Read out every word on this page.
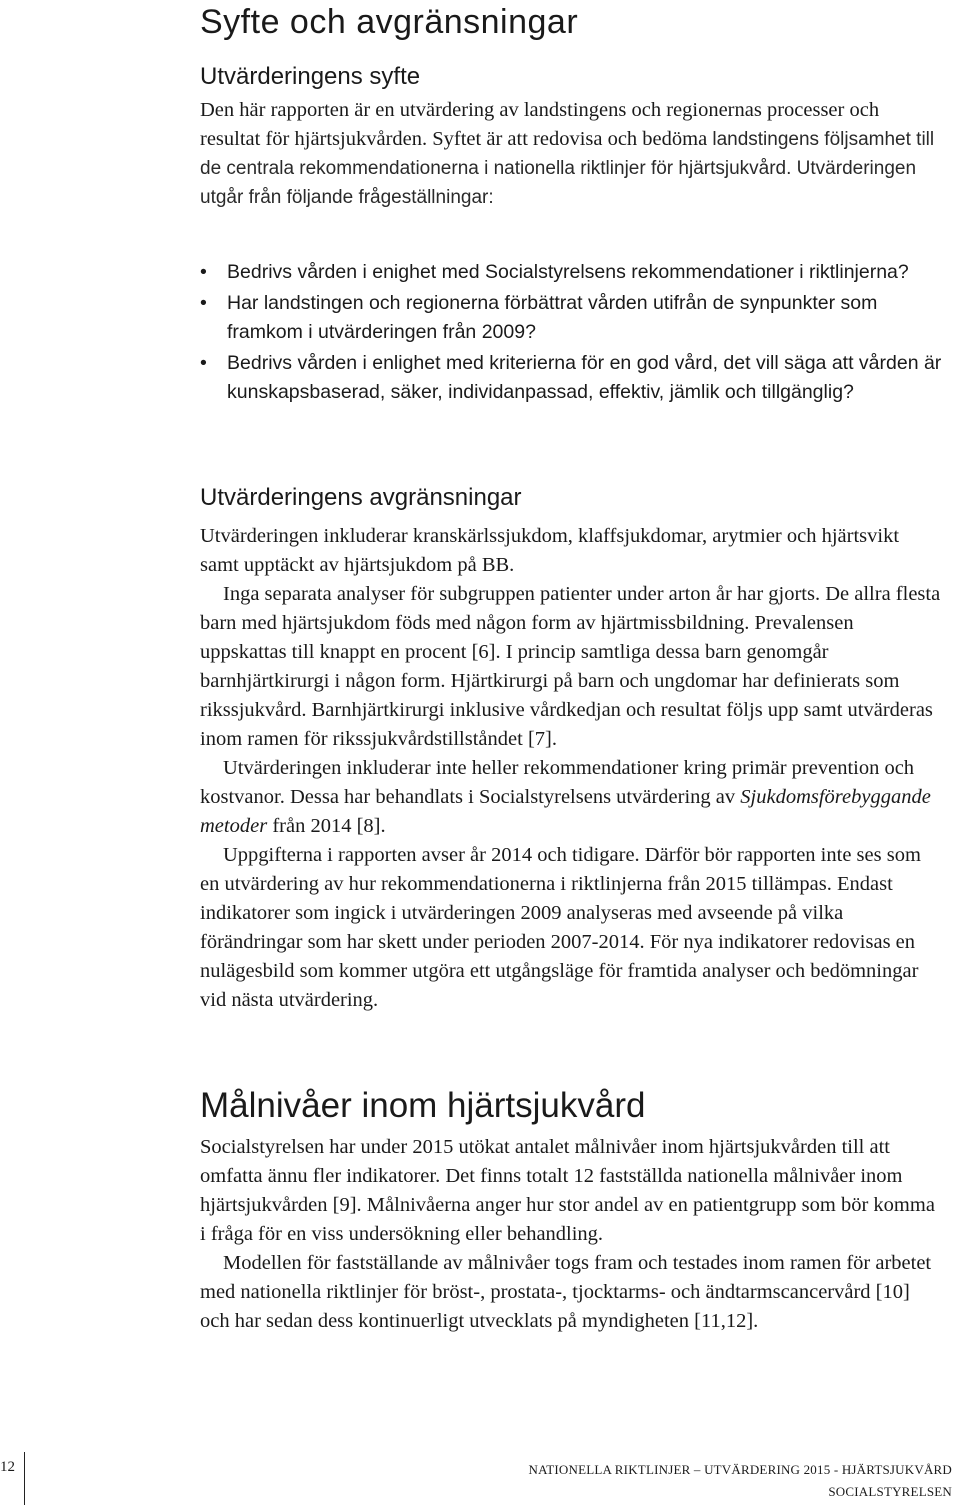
Syfte och avgränsningar
Utvärderingens syfte

Den här rapporten är en utvärdering av landstingens och regionernas processer och resultat för hjärtsjukvården. Syftet är att redovisa och bedöma landstingens följsamhet till de centrala rekommendationerna i nationella riktlinjer för hjärtsjukvård. Utvärderingen utgår från följande frågeställningar:

• Bedrivs vården i enighet med Socialstyrelsens rekommendationer i riktlinjerna?
• Har landstingen och regionerna förbättrat vården utifrån de synpunkter som framkom i utvärderingen från 2009?
• Bedrivs vården i enlighet med kriterierna för en god vård, det vill säga att vården är kunskapsbaserad, säker, individanpassad, effektiv, jämlik och tillgänglig?
Utvärderingens avgränsningar

Utvärderingen inkluderar kranskärlssjukdom, klaffsjukdomar, arytmier och hjärtsvikt samt upptäckt av hjärtsjukdom på BB.

Inga separata analyser för subgruppen patienter under arton år har gjorts. De allra flesta barn med hjärtsjukdom föds med någon form av hjärtmissbildning. Prevalensen uppskattas till knappt en procent [6]. I princip samtliga dessa barn genomgår barnhjärtkirurgi i någon form. Hjärtkirurgi på barn och ungdomar har definierats som rikssjukvård. Barnhjärtkirurgi inklusive vårdkedjan och resultat följs upp samt utvärderas inom ramen för rikssjukvårdstillståndet [7].

Utvärderingen inkluderar inte heller rekommendationer kring primär prevention och kostvanor. Dessa har behandlats i Socialstyrelsens utvärdering av Sjukdomsförebyggande metoder från 2014 [8].

Uppgifterna i rapporten avser år 2014 och tidigare. Därför bör rapporten inte ses som en utvärdering av hur rekommendationerna i riktlinjerna från 2015 tillämpas. Endast indikatorer som ingick i utvärderingen 2009 analyseras med avseende på vilka förändringar som har skett under perioden 2007-2014. För nya indikatorer redovisas en nulägesbild som kommer utgöra ett utgångsläge för framtida analyser och bedömningar vid nästa utvärdering.

Målnivåer inom hjärtsjukvård

Socialstyrelsen har under 2015 utökat antalet målnivåer inom hjärtsjukvården till att omfatta ännu fler indikatorer. Det finns totalt 12 fastställda nationella målnivåer inom hjärtsjukvården [9]. Målnivåerna anger hur stor andel av en patientgrupp som bör komma i fråga för en viss undersökning eller behandling.

Modellen för fastställande av målnivåer togs fram och testades inom ramen för arbetet med nationella riktlinjer för bröst-, prostata-, tjocktarms- och ändtarmscancervård [10] och har sedan dess kontinuerligt utvecklats på myndigheten [11,12].

12	NATIONELLA RIKTLINJER – UTVÄRDERING 2015 - HJÄRTSJUKVÅRD
SOCIALSTYRELSEN
